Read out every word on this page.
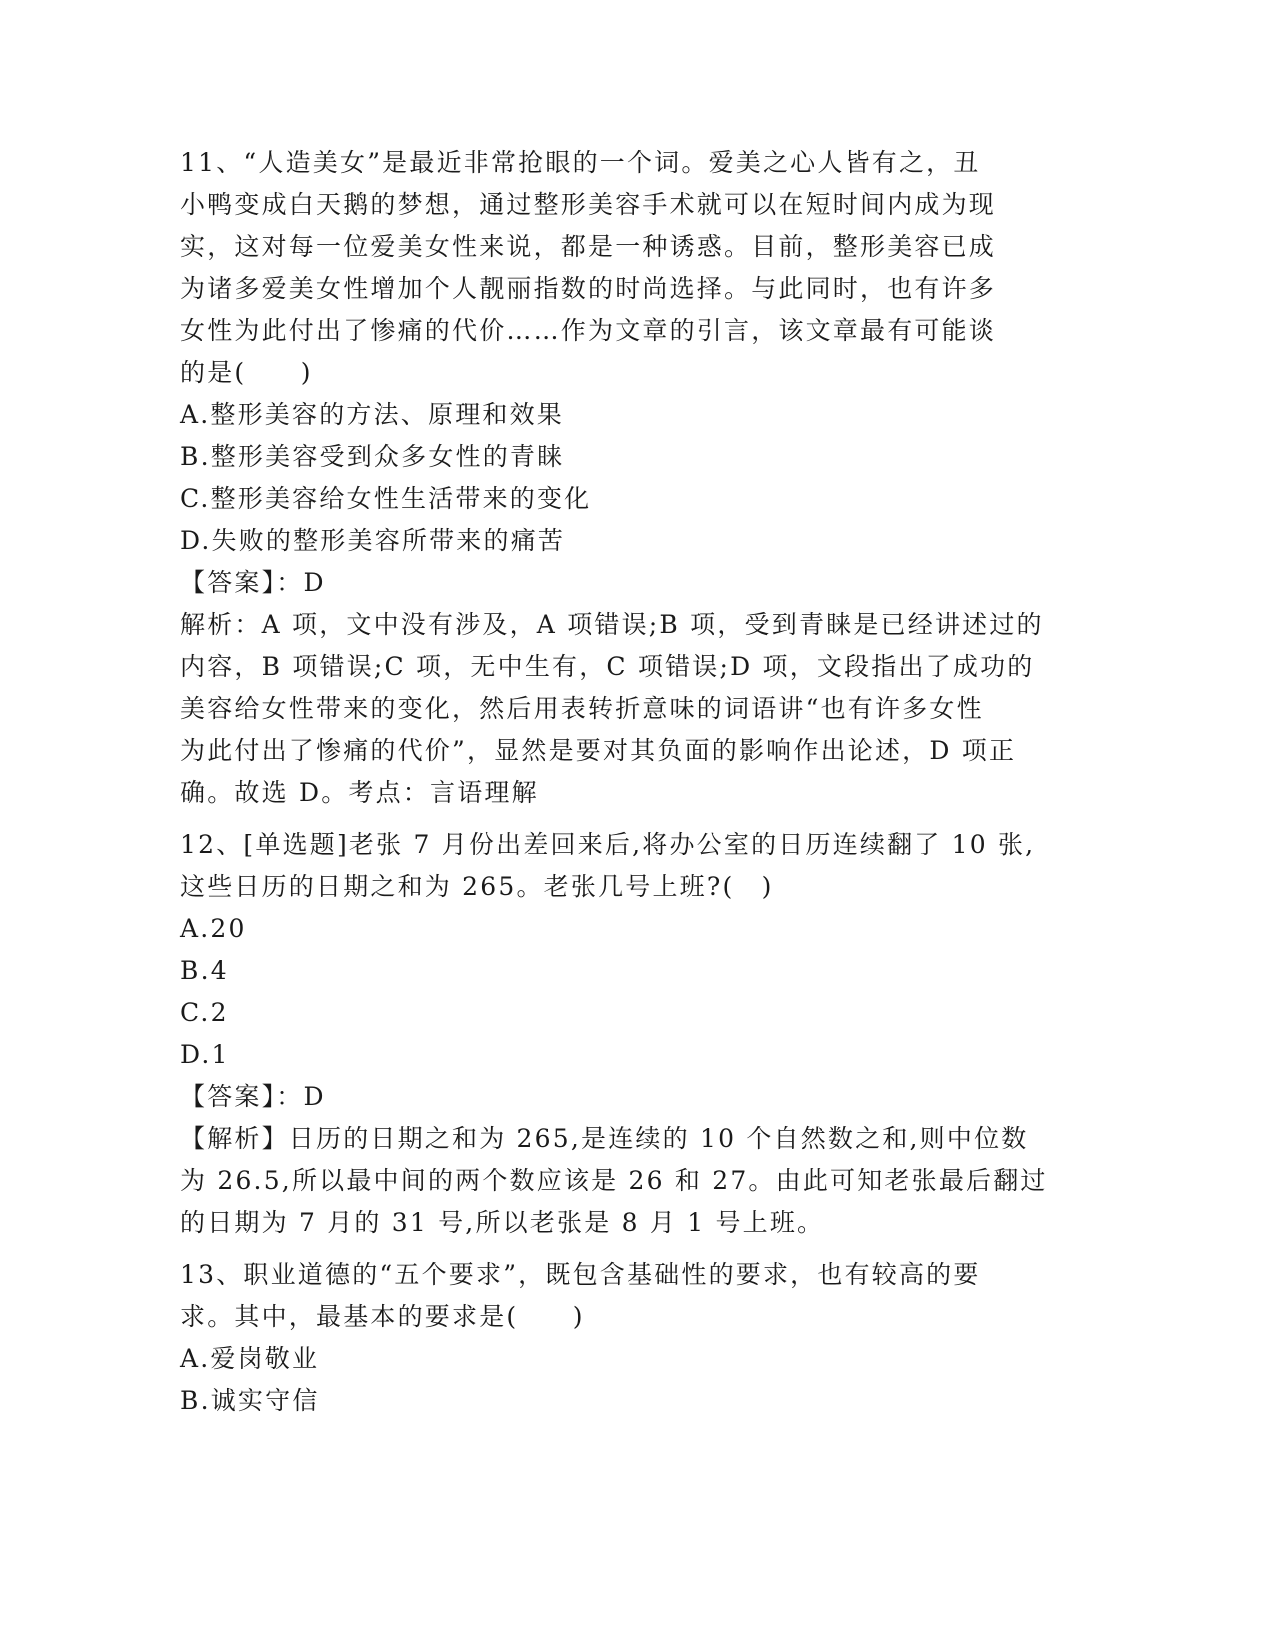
11、“人造美女”是最近非常抢眼的一个词。爱美之心人皆有之，丑
小鸭变成白天鹅的梦想，通过整形美容手术就可以在短时间内成为现
实，这对每一位爱美女性来说，都是一种诱惑。目前，整形美容已成
为诸多爱美女性增加个人靓丽指数的时尚选择。与此同时，也有许多
女性为此付出了惨痛的代价……作为文章的引言，该文章最有可能谈
的是(　　)
A.整形美容的方法、原理和效果
B.整形美容受到众多女性的青睐
C.整形美容给女性生活带来的变化
D.失败的整形美容所带来的痛苦
【答案】：D
解析：A 项，文中没有涉及，A 项错误;B 项，受到青睐是已经讲述过的
内容，B 项错误;C 项，无中生有，C 项错误;D 项，文段指出了成功的
美容给女性带来的变化，然后用表转折意味的词语讲“也有许多女性
为此付出了惨痛的代价”，显然是要对其负面的影响作出论述，D 项正
确。故选 D。考点：言语理解
12、[单选题]老张 7 月份出差回来后,将办公室的日历连续翻了 10 张,
这些日历的日期之和为 265。老张几号上班?(　)
A.20
B.4
C.2
D.1
【答案】：D
【解析】日历的日期之和为 265,是连续的 10 个自然数之和,则中位数
为 26.5,所以最中间的两个数应该是 26 和 27。由此可知老张最后翻过
的日期为 7 月的 31 号,所以老张是 8 月 1 号上班。
13、职业道德的“五个要求”，既包含基础性的要求，也有较高的要
求。其中，最基本的要求是(　　)
A.爱岗敬业
B.诚实守信
